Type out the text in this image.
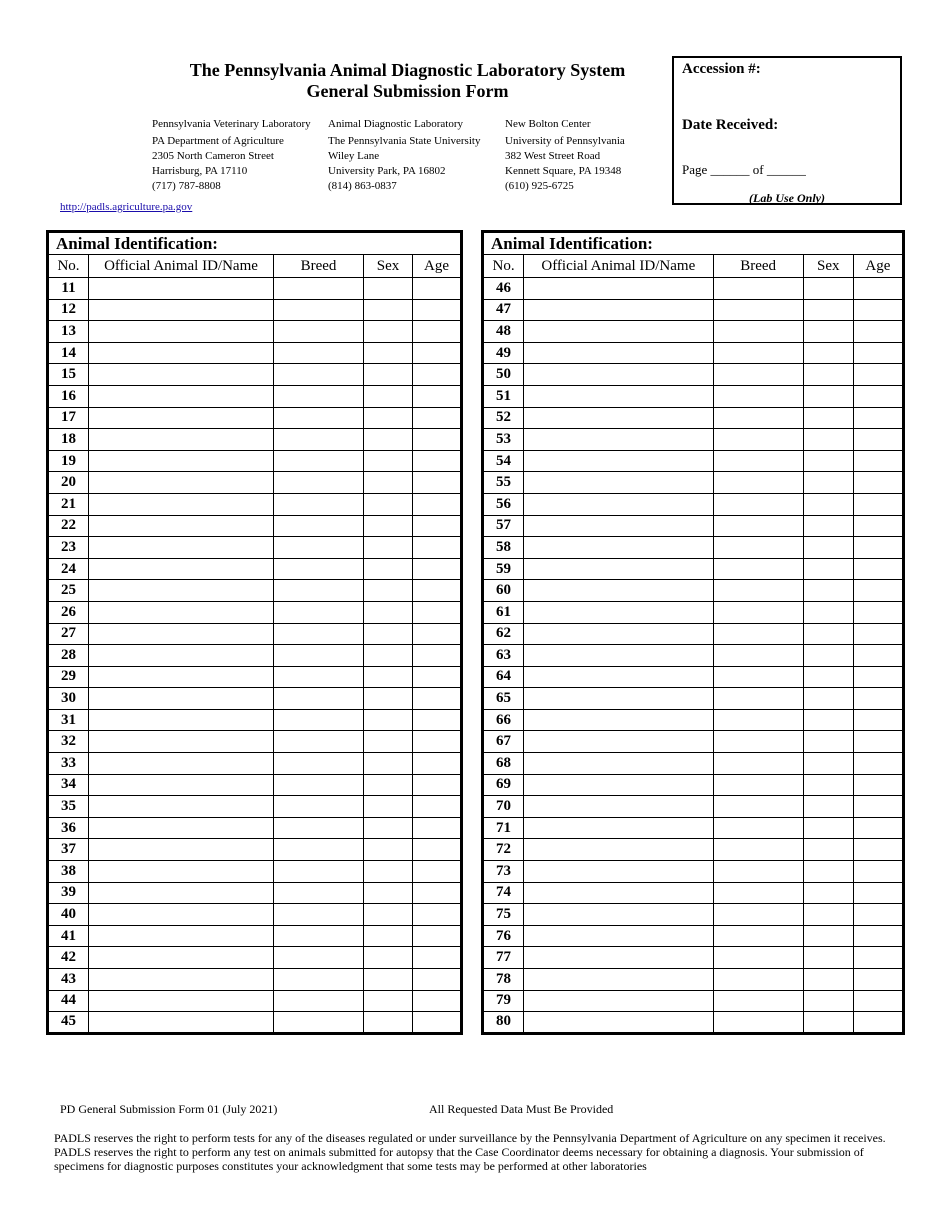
The Pennsylvania Animal Diagnostic Laboratory System
General Submission Form
Pennsylvania Veterinary Laboratory
PA Department of Agriculture
2305 North Cameron Street
Harrisburg, PA 17110
(717) 787-8808
Animal Diagnostic Laboratory
The Pennsylvania State University
Wiley Lane
University Park, PA 16802
(814) 863-0837
New Bolton Center
University of Pennsylvania
382 West Street Road
Kennett Square, PA 19348
(610) 925-6725
http://padls.agriculture.pa.gov
Accession #:
Date Received:
Page ______ of ______
(Lab Use Only)
Animal Identification:				
No.	Official Animal ID/Name	Breed	Sex	Age
11				
12				
13				
14				
15				
16				
17				
18				
19				
20				
21				
22				
23				
24				
25				
26				
27				
28				
29				
30				
31				
32				
33				
34				
35				
36				
37				
38				
39				
40				
41				
42				
43				
44				
45				
Animal Identification:				
No.	Official Animal ID/Name	Breed	Sex	Age
46				
47				
48				
49				
50				
51				
52				
53				
54				
55				
56				
57				
58				
59				
60				
61				
62				
63				
64				
65				
66				
67				
68				
69				
70				
71				
72				
73				
74				
75				
76				
77				
78				
79				
80				
PD General Submission Form 01 (July 2021)	All Requested Data Must Be Provided
PADLS reserves the right to perform tests for any of the diseases regulated or under surveillance by the Pennsylvania Department of Agriculture on any specimen it receives. PADLS reserves the right to perform any test on animals submitted for autopsy that the Case Coordinator deems necessary for obtaining a diagnosis. Your submission of specimens for diagnostic purposes constitutes your acknowledgment that some tests may be performed at other laboratories
